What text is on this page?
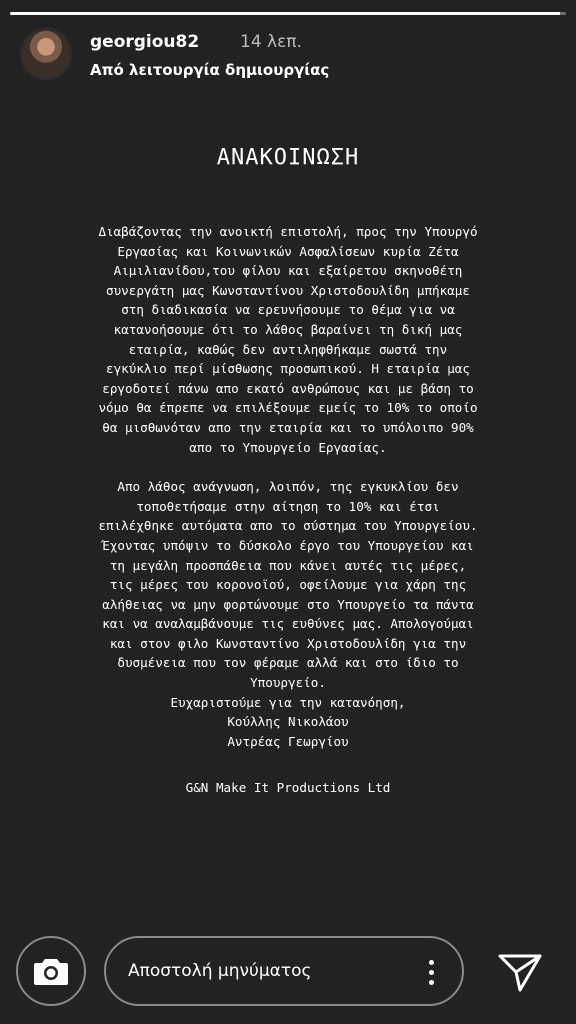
georgiou82 14 λεπ.
Από λειτουργία δημιουργίας
ΑΝΑΚΟΙΝΩΣΗ
Διαβάζοντας την ανοικτή επιστολή, προς την Υπουργό
Εργασίας και Κοινωνικών Ασφαλίσεων κυρία Ζέτα
Αιμιλιανίδου,του φίλου και εξαίρετου σκηνοθέτη
συνεργάτη μας Κωνσταντίνου Χριστοδουλίδη μπήκαμε
στη διαδικασία να ερευνήσουμε το θέμα για να
κατανοήσουμε ότι το λάθος βαραίνει τη δική μας
εταιρία, καθώς δεν αντιληφθήκαμε σωστά την
εγκύκλιο περί μίσθωσης προσωπικού. Η εταιρία μας
εργοδοτεί πάνω απο εκατό ανθρώπους και με βάση το
νόμο θα έπρεπε να επιλέξουμε εμείς το 10% το οποίο
θα μισθωνόταν απο την εταιρία και το υπόλοιπο 90%
απο το Υπουργείο Εργασίας.
Απο λάθος ανάγνωση, λοιπόν, της εγκυκλίου δεν
τοποθετήσαμε στην αίτηση το 10% και έτσι
επιλέχθηκε αυτόματα απο το σύστημα του Υπουργείου.
Έχοντας υπόψιν το δύσκολο έργο του Υπουργείου και
τη μεγάλη προσπάθεια που κάνει αυτές τις μέρες,
τις μέρες του κορονοϊού, οφείλουμε για χάρη της
αλήθειας να μην φορτώνουμε στο Υπουργείο τα πάντα
και να αναλαμβάνουμε τις ευθύνες μας. Απολογούμαι
και στον φιλο Κωνσταντίνο Χριστοδουλίδη για την
δυσμένεια που τον φέραμε αλλά και στο ίδιο το
Υπουργείο.
Ευχαριστούμε για την κατανόηση,
Κούλλης Νικολάου
Αντρέας Γεωργίου
G&N Make It Productions Ltd
Αποστολή μηνύματος
